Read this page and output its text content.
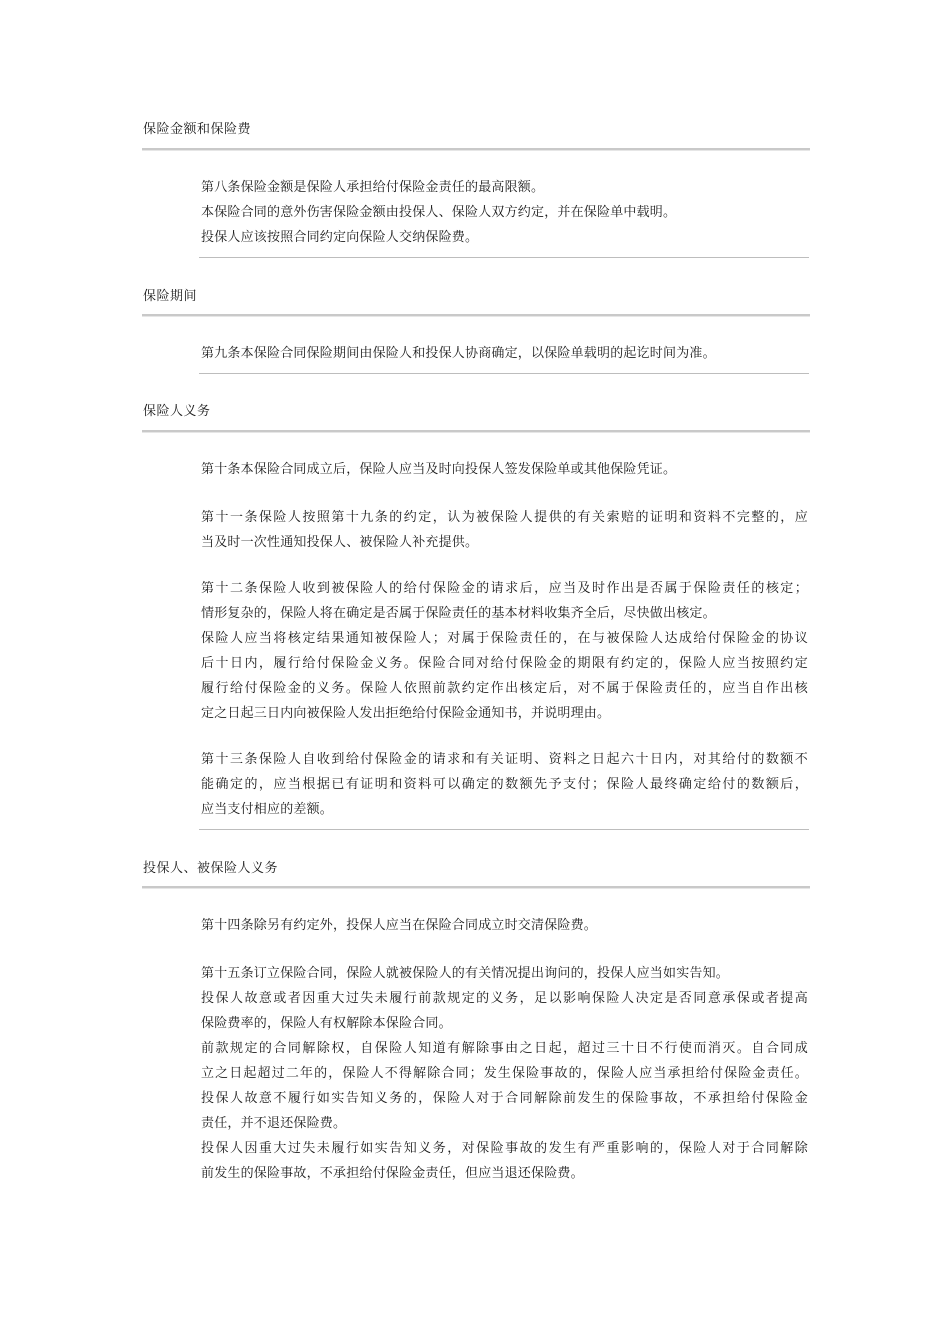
保险金额和保险费
第八条保险金额是保险人承担给付保险金责任的最高限额。
本保险合同的意外伤害保险金额由投保人、保险人双方约定，并在保险单中载明。
投保人应该按照合同约定向保险人交纳保险费。
保险期间
第九条本保险合同保险期间由保险人和投保人协商确定，以保险单载明的起讫时间为准。
保险人义务
第十条本保险合同成立后，保险人应当及时向投保人签发保险单或其他保险凭证。
第十一条保险人按照第十九条的约定，认为被保险人提供的有关索赔的证明和资料不完整的，应
当及时一次性通知投保人、被保险人补充提供。
第十二条保险人收到被保险人的给付保险金的请求后，应当及时作出是否属于保险责任的核定；
情形复杂的，保险人将在确定是否属于保险责任的基本材料收集齐全后，尽快做出核定。
保险人应当将核定结果通知被保险人；对属于保险责任的，在与被保险人达成给付保险金的协议
后十日内，履行给付保险金义务。保险合同对给付保险金的期限有约定的，保险人应当按照约定
履行给付保险金的义务。保险人依照前款约定作出核定后，对不属于保险责任的，应当自作出核
定之日起三日内向被保险人发出拒绝给付保险金通知书，并说明理由。
第十三条保险人自收到给付保险金的请求和有关证明、资料之日起六十日内，对其给付的数额不
能确定的，应当根据已有证明和资料可以确定的数额先予支付；保险人最终确定给付的数额后，
应当支付相应的差额。
投保人、被保险人义务
第十四条除另有约定外，投保人应当在保险合同成立时交清保险费。
第十五条订立保险合同，保险人就被保险人的有关情况提出询问的，投保人应当如实告知。
投保人故意或者因重大过失未履行前款规定的义务，足以影响保险人决定是否同意承保或者提高
保险费率的，保险人有权解除本保险合同。
前款规定的合同解除权，自保险人知道有解除事由之日起，超过三十日不行使而消灭。自合同成
立之日起超过二年的，保险人不得解除合同；发生保险事故的，保险人应当承担给付保险金责任。
投保人故意不履行如实告知义务的，保险人对于合同解除前发生的保险事故，不承担给付保险金
责任，并不退还保险费。
投保人因重大过失未履行如实告知义务，对保险事故的发生有严重影响的，保险人对于合同解除
前发生的保险事故，不承担给付保险金责任，但应当退还保险费。
